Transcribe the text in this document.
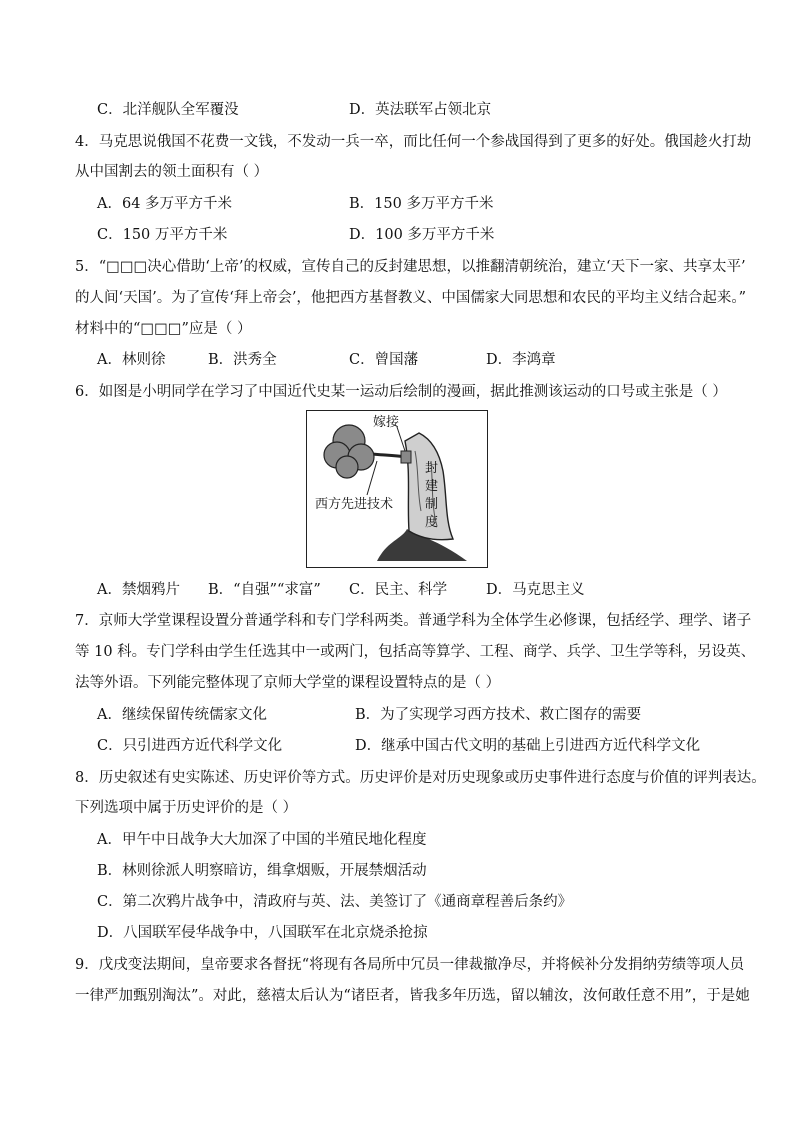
C．北洋舰队全军覆没	D．英法联军占领北京
4．马克思说俄国不花费一文钱，不发动一兵一卒，而比任何一个参战国得到了更多的好处。俄国趁火打劫
从中国割去的领土面积有（ ）
A．64 多万平方千米	B．150 多万平方千米
C．150 万平方千米	D．100 多万平方千米
5．“□□□决心借助‘上帝’的权威，宣传自己的反封建思想，以推翻清朝统治，建立‘天下一家、共享太平’
的人间‘天国’。为了宣传‘拜上帝会’，他把西方基督教义、中国儒家大同思想和农民的平均主义结合起来。”
材料中的“□□□”应是（ ）
A．林则徐	B．洪秀全	C．曾国藩	D．李鸿章
6．如图是小明同学在学习了中国近代史某一运动后绘制的漫画，据此推测该运动的口号或主张是（ ）
嫁接
封
建
制
度
西方先进技术
A．禁烟鸦片 B．“自强”“求富” C．民主、科学	D．马克思主义
7．京师大学堂课程设置分普通学科和专门学科两类。普通学科为全体学生必修课，包括经学、理学、诸子
等 10 科。专门学科由学生任选其中一或两门，包括高等算学、工程、商学、兵学、卫生学等科，另设英、
法等外语。下列能完整体现了京师大学堂的课程设置特点的是（ ）
A．继续保留传统儒家文化	B．为了实现学习西方技术、救亡图存的需要
C．只引进西方近代科学文化	D．继承中国古代文明的基础上引进西方近代科学文化
8．历史叙述有史实陈述、历史评价等方式。历史评价是对历史现象或历史事件进行态度与价值的评判表达。
下列选项中属于历史评价的是（ ）
A．甲午中日战争大大加深了中国的半殖民地化程度
B．林则徐派人明察暗访，缉拿烟贩，开展禁烟活动
C．第二次鸦片战争中，清政府与英、法、美签订了《通商章程善后条约》
D．八国联军侵华战争中，八国联军在北京烧杀抢掠
9．戊戌变法期间，皇帝要求各督抚“将现有各局所中冗员一律裁撤净尽，并将候补分发捐纳劳绩等项人员
一律严加甄别淘汰”。对此，慈禧太后认为“诸臣者，皆我多年历选，留以辅汝，汝何敢任意不用”，于是她
